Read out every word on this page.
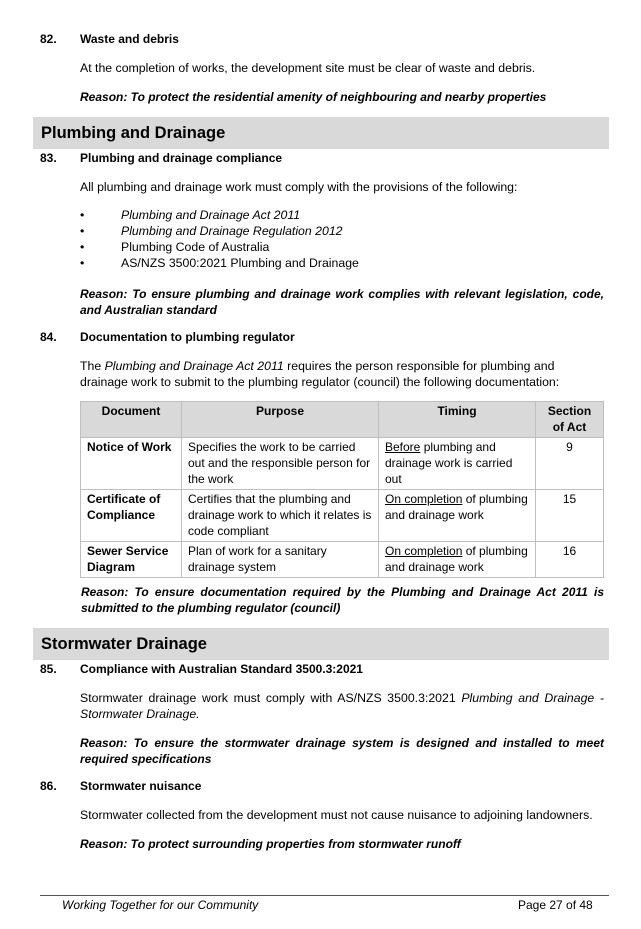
82. Waste and debris
At the completion of works, the development site must be clear of waste and debris.
Reason: To protect the residential amenity of neighbouring and nearby properties
Plumbing and Drainage
83. Plumbing and drainage compliance
All plumbing and drainage work must comply with the provisions of the following:
•	Plumbing and Drainage Act 2011
•	Plumbing and Drainage Regulation 2012
•	Plumbing Code of Australia
•	AS/NZS 3500:2021 Plumbing and Drainage
Reason: To ensure plumbing and drainage work complies with relevant legislation, code, and Australian standard
84. Documentation to plumbing regulator
The Plumbing and Drainage Act 2011 requires the person responsible for plumbing and drainage work to submit to the plumbing regulator (council) the following documentation:
Document	Purpose	Timing	Section of Act
Notice of Work	Specifies the work to be carried out and the responsible person for the work	Before plumbing and drainage work is carried out	9
Certificate of Compliance	Certifies that the plumbing and drainage work to which it relates is code compliant	On completion of plumbing and drainage work	15
Sewer Service Diagram	Plan of work for a sanitary drainage system	On completion of plumbing and drainage work	16
Reason: To ensure documentation required by the Plumbing and Drainage Act 2011 is submitted to the plumbing regulator (council)
Stormwater Drainage
85. Compliance with Australian Standard 3500.3:2021
Stormwater drainage work must comply with AS/NZS 3500.3:2021 Plumbing and Drainage - Stormwater Drainage.
Reason: To ensure the stormwater drainage system is designed and installed to meet required specifications
86. Stormwater nuisance
Stormwater collected from the development must not cause nuisance to adjoining landowners.
Reason: To protect surrounding properties from stormwater runoff
Working Together for our Community	Page 27 of 48
